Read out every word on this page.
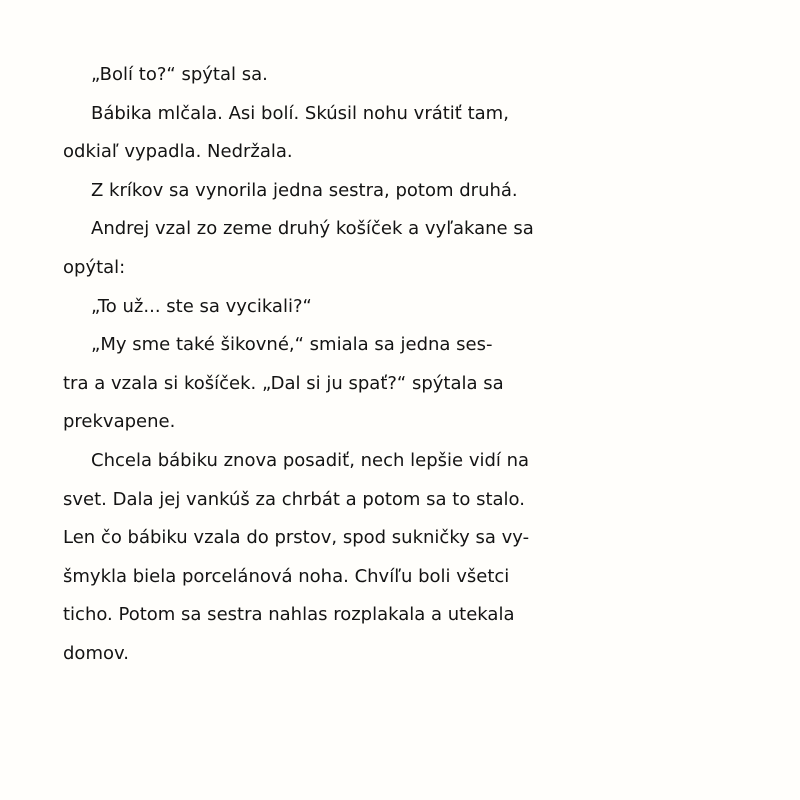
„Bolí to?“ spýtal sa.
Bábika mlčala. Asi bolí. Skúsil nohu vrátiť tam,
odkiaľ vypadla. Nedržala.
Z kríkov sa vynorila jedna sestra, potom druhá.
Andrej vzal zo zeme druhý košíček a vyľakane sa
opýtal:
„To už... ste sa vycikali?“
„My sme také šikovné,“ smiala sa jedna ses-
tra a vzala si košíček. „Dal si ju spať?“ spýtala sa
prekvapene.
Chcela bábiku znova posadiť, nech lepšie vidí na
svet. Dala jej vankúš za chrbát a potom sa to stalo.
Len čo bábiku vzala do prstov, spod sukničky sa vy-
šmykla biela porcelánová noha. Chvíľu boli všetci
ticho. Potom sa sestra nahlas rozplakala a utekala
domov.
